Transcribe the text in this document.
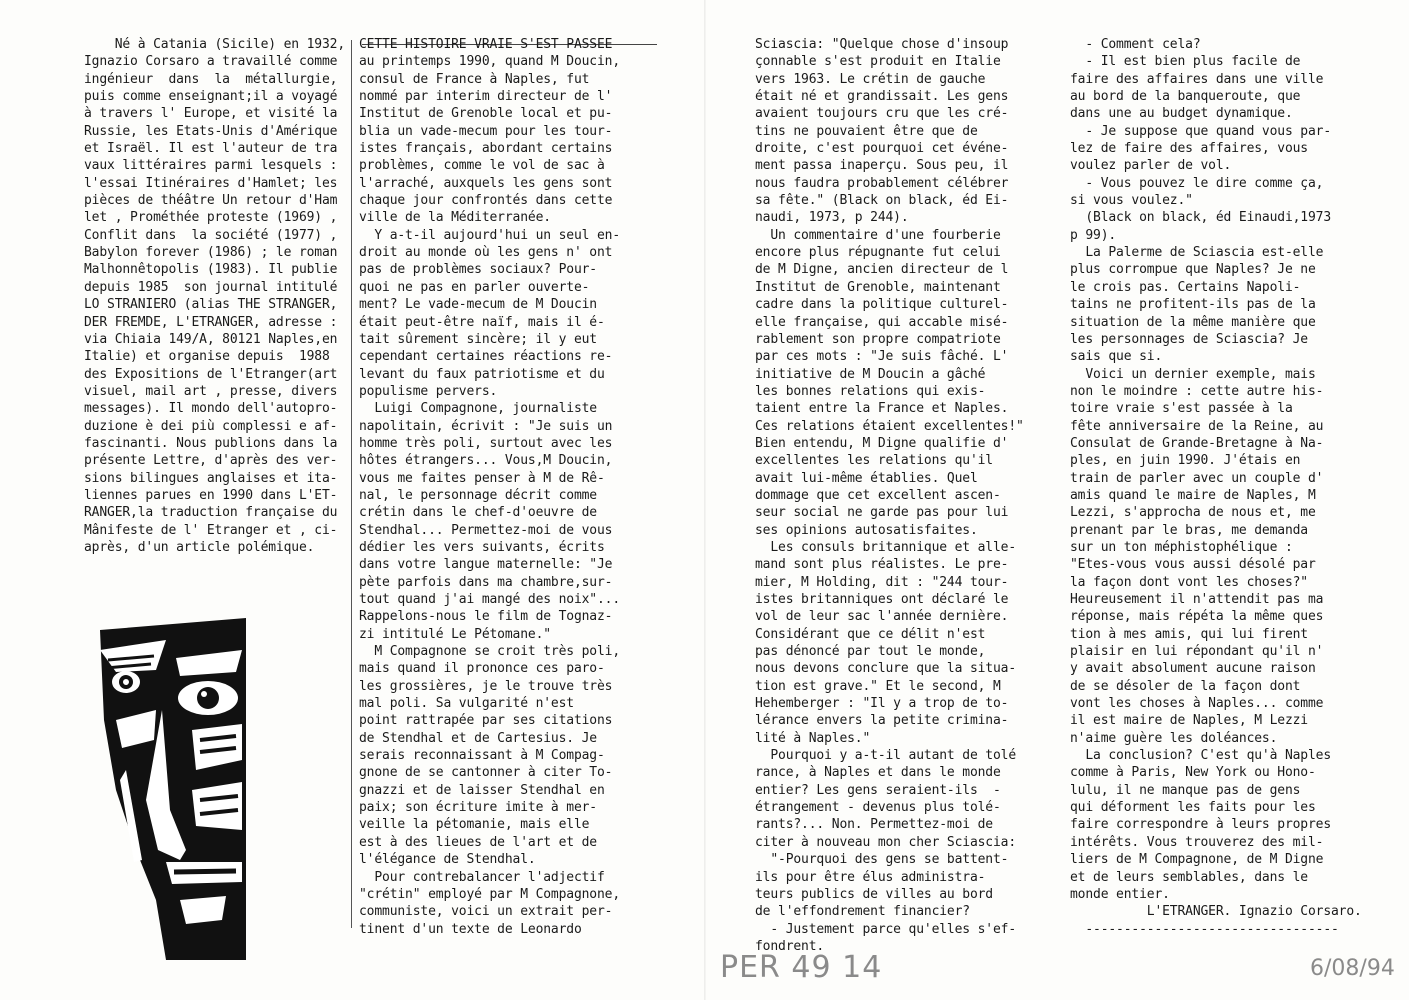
Né à Catania (Sicile) en 1932,
Ignazio Corsaro a travaillé comme
ingénieur  dans  la  métallurgie,
puis comme enseignant;il a voyagé
à travers l' Europe, et visité la
Russie, les Etats-Unis d'Amérique
et Israël. Il est l'auteur de tra
vaux littéraires parmi lesquels :
l'essai Itinéraires d'Hamlet; les
pièces de théâtre Un retour d'Ham
let , Prométhée proteste (1969) ,
Conflit dans  la société (1977) ,
Babylon forever (1986) ; le roman
Malhonnêtopolis (1983). Il publie
depuis 1985  son journal intitulé
LO STRANIERO (alias THE STRANGER,
DER FREMDE, L'ETRANGER, adresse :
via Chiaia 149/A, 80121 Naples,en
Italie) et organise depuis  1988
des Expositions de l'Etranger(art
visuel, mail art , presse, divers
messages). Il mondo dell'autopro-
duzione è dei più complessi e af-
fascinanti. Nous publions dans la
présente Lettre, d'après des ver-
sions bilingues anglaises et ita-
liennes parues en 1990 dans L'ET-
RANGER,la traduction française du
Mânifeste de l' Etranger et , ci-
après, d'un article polémique.
CETTE HISTOIRE VRAIE S'EST PASSEE
au printemps 1990, quand M Doucin,
consul de France à Naples, fut
nommé par interim directeur de l'
Institut de Grenoble local et pu-
blia un vade-mecum pour les tour-
istes français, abordant certains
problèmes, comme le vol de sac à
l'arraché, auxquels les gens sont
chaque jour confrontés dans cette
ville de la Méditerranée.
Y a-t-il aujourd'hui un seul en-
droit au monde où les gens n' ont
pas de problèmes sociaux? Pour-
quoi ne pas en parler ouverte-
ment? Le vade-mecum de M Doucin
était peut-être naïf, mais il é-
tait sûrement sincère; il y eut
cependant certaines réactions re-
levant du faux patriotisme et du
populisme pervers.
Luigi Compagnone, journaliste
napolitain, écrivit : "Je suis un
homme très poli, surtout avec les
hôtes étrangers... Vous,M Doucin,
vous me faites penser à M de Rê-
nal, le personnage décrit comme
crétin dans le chef-d'oeuvre de
Stendhal... Permettez-moi de vous
dédier les vers suivants, écrits
dans votre langue maternelle: "Je
pète parfois dans ma chambre,sur-
tout quand j'ai mangé des noix"...
Rappelons-nous le film de Tognaz-
zi intitulé Le Pétomane."
M Compagnone se croit très poli,
mais quand il prononce ces paro-
les grossières, je le trouve très
mal poli. Sa vulgarité n'est
point rattrapée par ses citations
de Stendhal et de Cartesius. Je
serais reconnaissant à M Compag-
gnone de se cantonner à citer To-
gnazzi et de laisser Stendhal en
paix; son écriture imite à mer-
veille la pétomanie, mais elle
est à des lieues de l'art et de
l'élégance de Stendhal.
Pour contrebalancer l'adjectif
"crétin" employé par M Compagnone,
communiste, voici un extrait per-
tinent d'un texte de Leonardo
Sciascia: "Quelque chose d'insoup
çonnable s'est produit en Italie
vers 1963. Le crétin de gauche
était né et grandissait. Les gens
avaient toujours cru que les cré-
tins ne pouvaient être que de
droite, c'est pourquoi cet événe-
ment passa inaperçu. Sous peu, il
nous faudra probablement célébrer
sa fête." (Black on black, éd Ei-
naudi, 1973, p 244).
Un commentaire d'une fourberie
encore plus répugnante fut celui
de M Digne, ancien directeur de l
Institut de Grenoble, maintenant
cadre dans la politique culturel-
elle française, qui accable misé-
rablement son propre compatriote
par ces mots : "Je suis fâché. L'
initiative de M Doucin a gâché
les bonnes relations qui exis-
taient entre la France et Naples.
Ces relations étaient excellentes!"
Bien entendu, M Digne qualifie d'
excellentes les relations qu'il
avait lui-même établies. Quel
dommage que cet excellent ascen-
seur social ne garde pas pour lui
ses opinions autosatisfaites.
Les consuls britannique et alle-
mand sont plus réalistes. Le pre-
mier, M Holding, dit : "244 tour-
istes britanniques ont déclaré le
vol de leur sac l'année dernière.
Considérant que ce délit n'est
pas dénoncé par tout le monde,
nous devons conclure que la situa-
tion est grave." Et le second, M
Hehemberger : "Il y a trop de to-
lérance envers la petite crimina-
lité à Naples."
Pourquoi y a-t-il autant de tolé
rance, à Naples et dans le monde
entier? Les gens seraient-ils  -
étrangement - devenus plus tolé-
rants?... Non. Permettez-moi de
citer à nouveau mon cher Sciascia:
"-Pourquoi des gens se battent-
ils pour être élus administra-
teurs publics de villes au bord
de l'effondrement financier?
- Justement parce qu'elles s'ef-
fondrent.
- Comment cela?
- Il est bien plus facile de
faire des affaires dans une ville
au bord de la banqueroute, que
dans une au budget dynamique.
- Je suppose que quand vous par-
lez de faire des affaires, vous
voulez parler de vol.
- Vous pouvez le dire comme ça,
si vous voulez."
(Black on black, éd Einaudi,1973
p 99).
La Palerme de Sciascia est-elle
plus corrompue que Naples? Je ne
le crois pas. Certains Napoli-
tains ne profitent-ils pas de la
situation de la même manière que
les personnages de Sciascia? Je
sais que si.
Voici un dernier exemple, mais
non le moindre : cette autre his-
toire vraie s'est passée à la
fête anniversaire de la Reine, au
Consulat de Grande-Bretagne à Na-
ples, en juin 1990. J'étais en
train de parler avec un couple d'
amis quand le maire de Naples, M
Lezzi, s'approcha de nous et, me
prenant par le bras, me demanda
sur un ton méphistophélique :
"Etes-vous vous aussi désolé par
la façon dont vont les choses?"
Heureusement il n'attendit pas ma
réponse, mais répéta la même ques
tion à mes amis, qui lui firent
plaisir en lui répondant qu'il n'
y avait absolument aucune raison
de se désoler de la façon dont
vont les choses à Naples... comme
il est maire de Naples, M Lezzi
n'aime guère les doléances.
La conclusion? C'est qu'à Naples
comme à Paris, New York ou Hono-
lulu, il ne manque pas de gens
qui déforment les faits pour les
faire correspondre à leurs propres
intérêts. Vous trouverez des mil-
liers de M Compagnone, de M Digne
et de leurs semblables, dans le
monde entier.
L'ETRANGER. Ignazio Corsaro.
---------------------------------
PER 49 14	6/08/94
